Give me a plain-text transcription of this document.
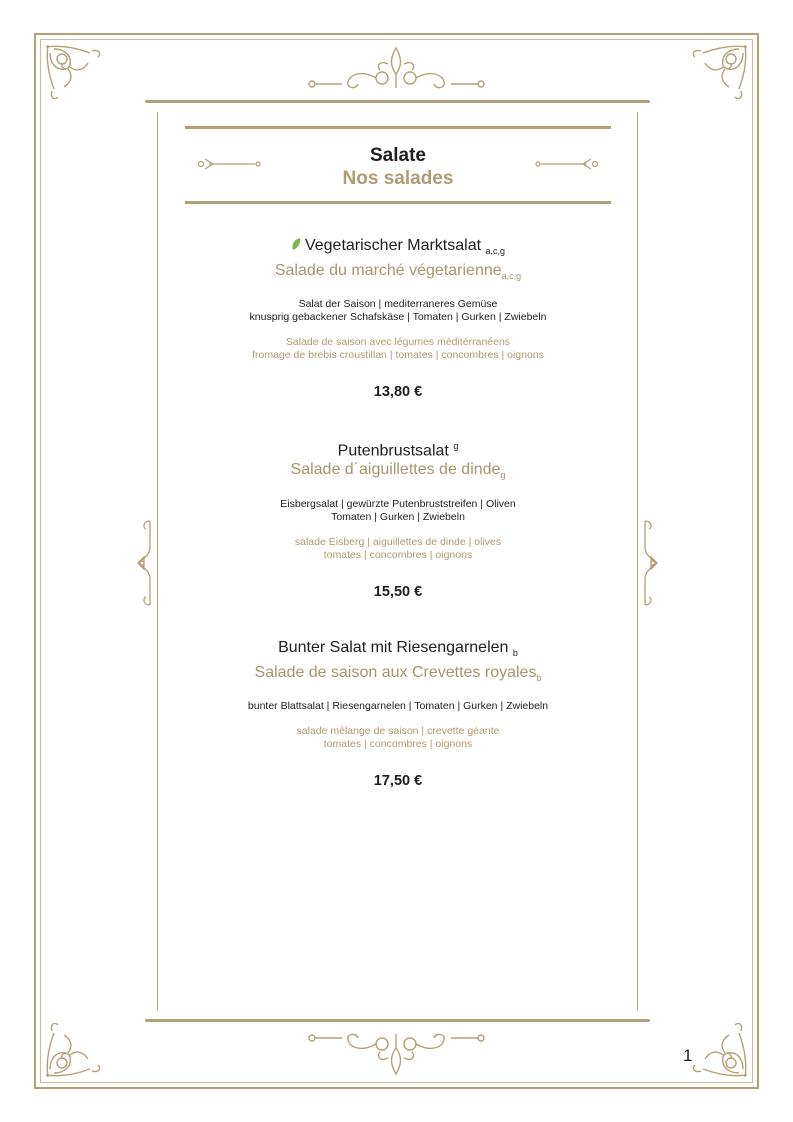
Salate
Nos salades
Vegetarischer Marktsalat $_{a,c,g}$
Salade du marché végetarienne$_{a,c,g}$
Salat der Saison | mediterraneres Gemüse
knusprig gebackener Schafskäse | Tomaten | Gurken | Zwiebeln
Salade de saison avec légumes méditérranéens
fromage de brebis croustillan | tomates | concombres | oignons
13,80 €
Putenbrustsalat $^g$
Salade d´aiguillettes de dinde$_g$
Eisbergsalat | gewürzte Putenbruststreifen | Oliven
Tomaten | Gurken | Zwiebeln
salade Eisberg | aiguillettes de dinde | olives
tomates | concombres | oignons
15,50 €
Bunter Salat mit Riesengarnelen $_b$
Salade de saison aux Crevettes royales$_b$
bunter Blattsalat | Riesengarnelen | Tomaten | Gurken | Zwiebeln
salade mélange de saison | crevette géante
tomates | concombres | oignons
17,50 €
1
